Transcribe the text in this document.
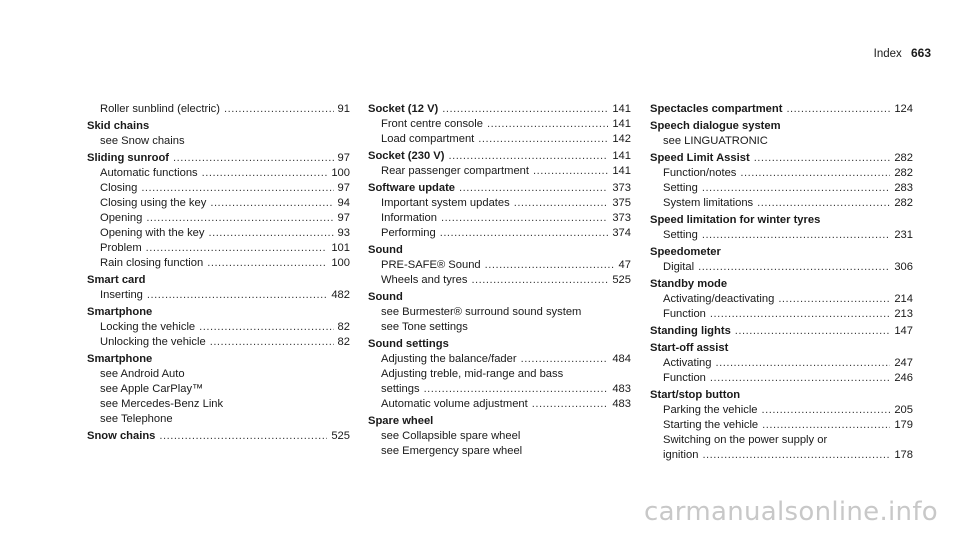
Index 663
Roller sunblind (electric) .....	91
Skid chains
see Snow chains
Sliding sunroof .....	97
Automatic functions .....	100
Closing .....	97
Closing using the key .....	94
Opening .....	97
Opening with the key .....	93
Problem .....	101
Rain closing function .....	100
Smart card
Inserting .....	482
Smartphone
Locking the vehicle .....	82
Unlocking the vehicle .....	82
Smartphone
see Android Auto
see Apple CarPlay™
see Mercedes-Benz Link
see Telephone
Snow chains .....	525
Socket (12 V) .....	141
Front centre console .....	141
Load compartment .....	142
Socket (230 V) .....	141
Rear passenger compartment .....	141
Software update .....	373
Important system updates .....	375
Information .....	373
Performing .....	374
Sound
PRE-SAFE® Sound .....	47
Wheels and tyres .....	525
Sound
see Burmester® surround sound system
see Tone settings
Sound settings
Adjusting the balance/fader .....	484
Adjusting treble, mid-range and bass
settings .....	483
Automatic volume adjustment .....	483
Spare wheel
see Collapsible spare wheel
see Emergency spare wheel
Spectacles compartment .....	124
Speech dialogue system
see LINGUATRONIC
Speed Limit Assist .....	282
Function/notes .....	282
Setting .....	283
System limitations .....	282
Speed limitation for winter tyres
Setting .....	231
Speedometer
Digital .....	306
Standby mode
Activating/deactivating .....	214
Function .....	213
Standing lights .....	147
Start-off assist
Activating .....	247
Function .....	246
Start/stop button
Parking the vehicle .....	205
Starting the vehicle .....	179
Switching on the power supply or
ignition .....	178
carmanualsonline.info
